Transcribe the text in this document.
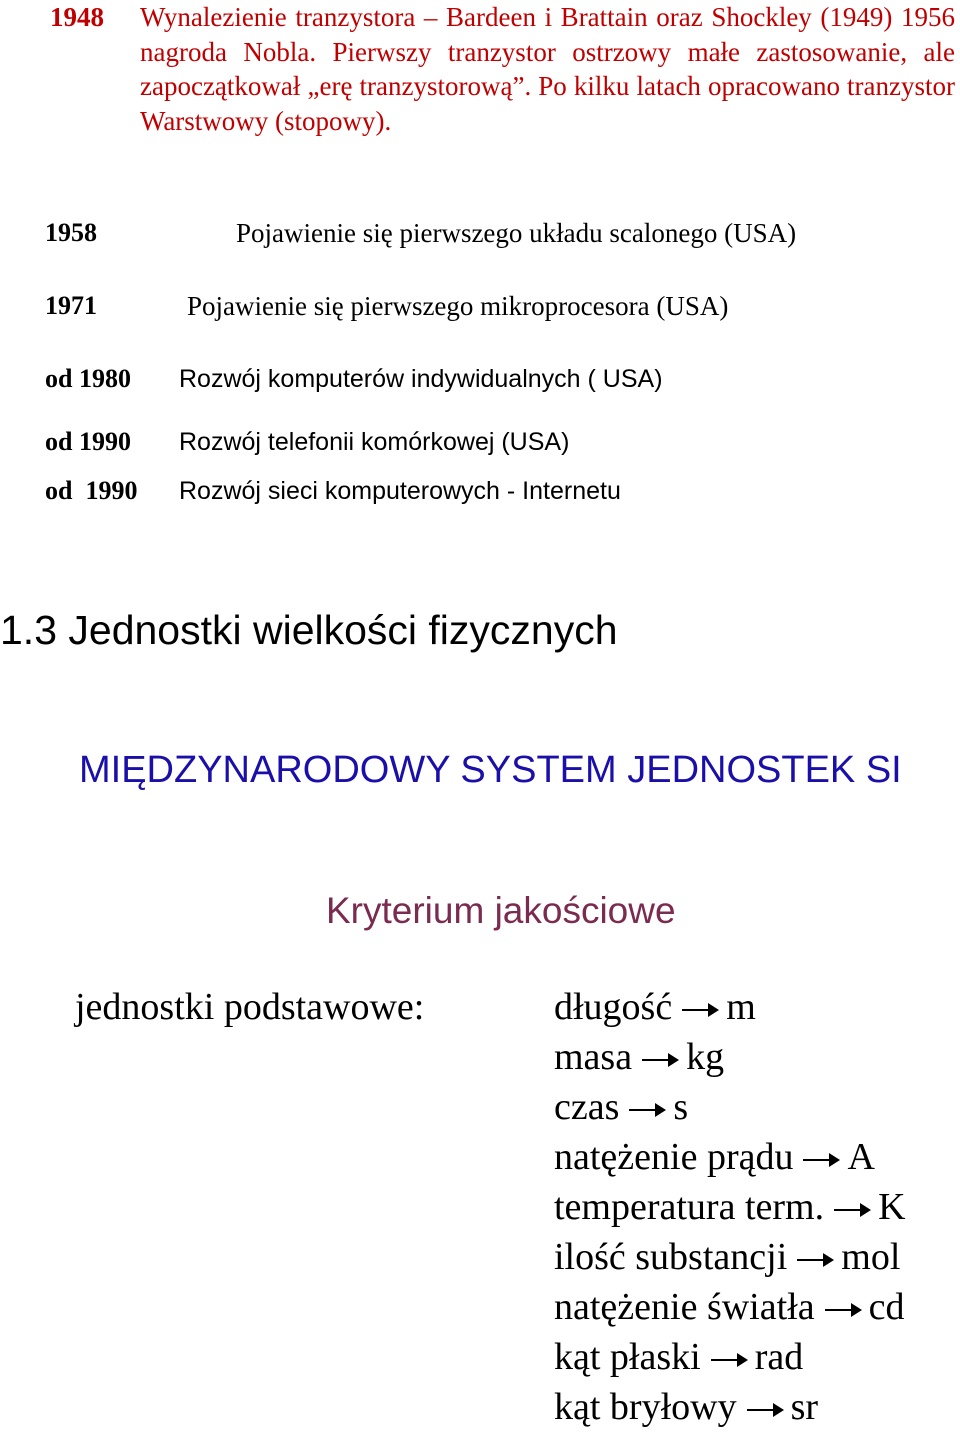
1948 Wynalezienie tranzystora – Bardeen i Brattain oraz Shockley (1949) 1956 nagroda Nobla. Pierwszy tranzystor ostrzowy małe zastosowanie, ale zapoczątkował „erę tranzystorową”. Po kilku latach opracowano tranzystor Warstwowy (stopowy).
1958	Pojawienie się pierwszego układu scalonego (USA)
1971	Pojawienie się pierwszego mikroprocesora (USA)
od 1980 Rozwój komputerów indywidualnych ( USA)
od 1990 Rozwój telefonii komórkowej (USA)
od  1990 Rozwój sieci komputerowych - Internetu
1.3 Jednostki wielkości fizycznych
MIĘDZYNARODOWY SYSTEM JEDNOSTEK SI
Kryterium jakościowe
jednostki podstawowe:	długość m
masa kg
czas s
natężenie prądu A
temperatura term. K
ilość substancji mol
natężenie światła cd
kąt płaski rad
kąt bryłowy sr
